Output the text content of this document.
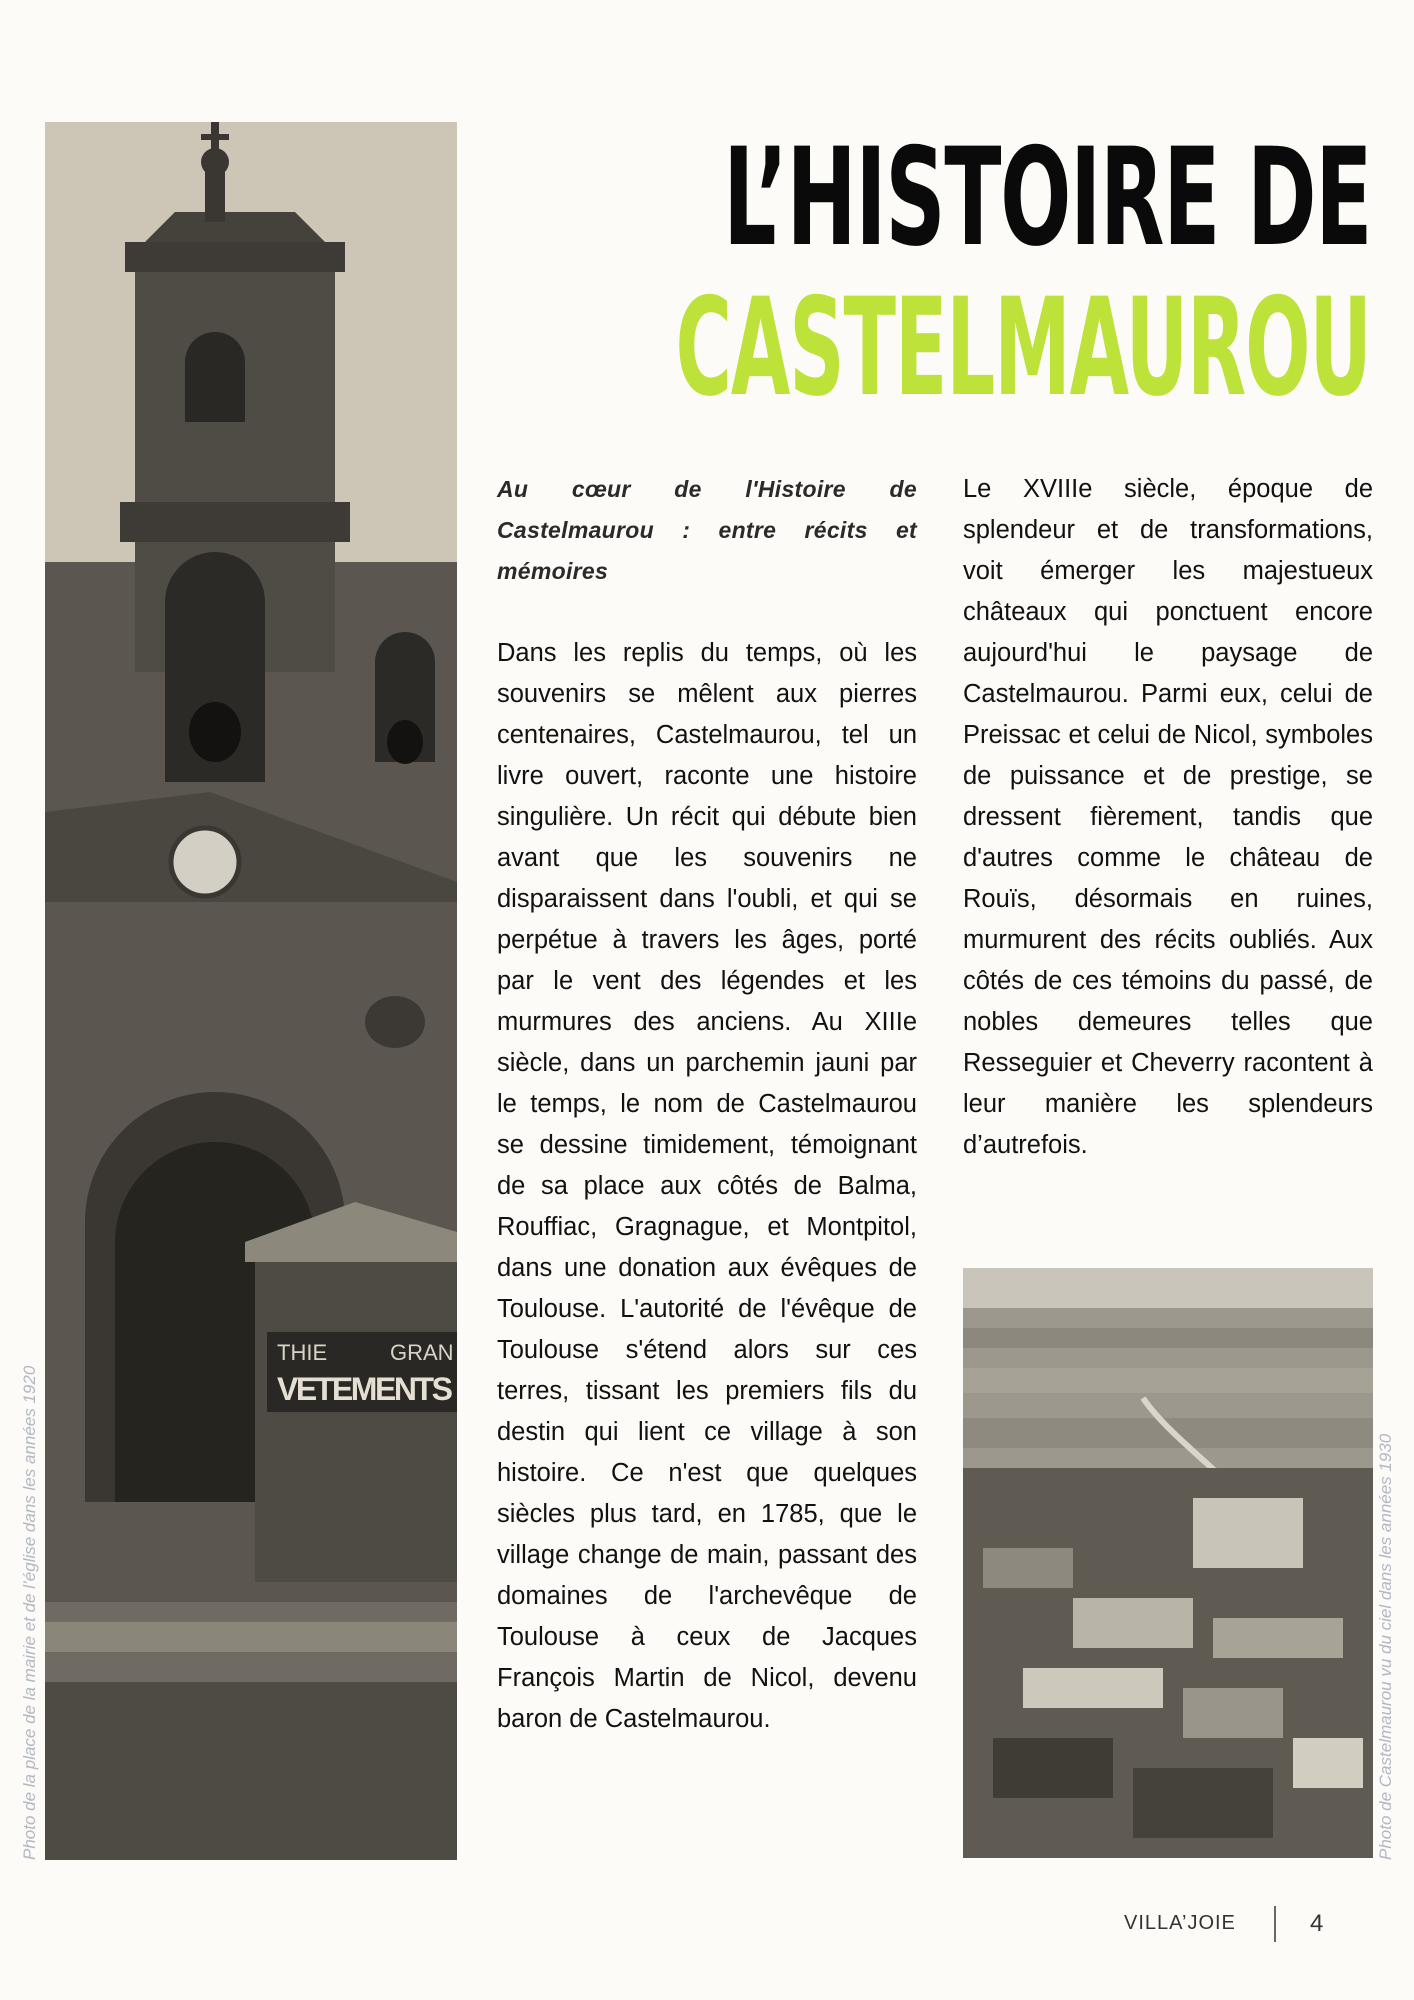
THIE	GRAN
VETEMENTS
Photo de la place de la mairie et de l’église dans les années 1920	Photo de Castelmaurou vu du ciel dans les années 1930
L’HISTOIRE DE
CASTELMAUROU
Au cœur de l'Histoire de Castelmaurou : entre récits et mémoires
Dans les replis du temps, où les souvenirs se mêlent aux pierres centenaires, Castelmaurou, tel un livre ouvert, raconte une histoire singulière. Un récit qui débute bien avant que les souvenirs ne disparaissent dans l'oubli, et qui se perpétue à travers les âges, porté par le vent des légendes et les murmures des anciens. Au XIIIe siècle, dans un parchemin jauni par le temps, le nom de Castelmaurou se dessine timidement, témoignant de sa place aux côtés de Balma, Rouffiac, Gragnague, et Montpitol, dans une donation aux évêques de Toulouse. L'autorité de l'évêque de Toulouse s'étend alors sur ces terres, tissant les premiers fils du destin qui lient ce village à son histoire. Ce n'est que quelques siècles plus tard, en 1785, que le village change de main, passant des domaines de l'archevêque de Toulouse à ceux de Jacques François Martin de Nicol, devenu baron de Castelmaurou.
Le XVIIIe siècle, époque de splendeur et de transformations, voit émerger les majestueux châteaux qui ponctuent encore aujourd'hui le paysage de Castelmaurou. Parmi eux, celui de Preissac et celui de Nicol, symboles de puissance et de prestige, se dressent fièrement, tandis que d'autres comme le château de Rouïs, désormais en ruines, murmurent des récits oubliés. Aux côtés de ces témoins du passé, de nobles demeures telles que Resseguier et Cheverry racontent à leur manière les splendeurs d’autrefois.
VILLA’JOIE	4
